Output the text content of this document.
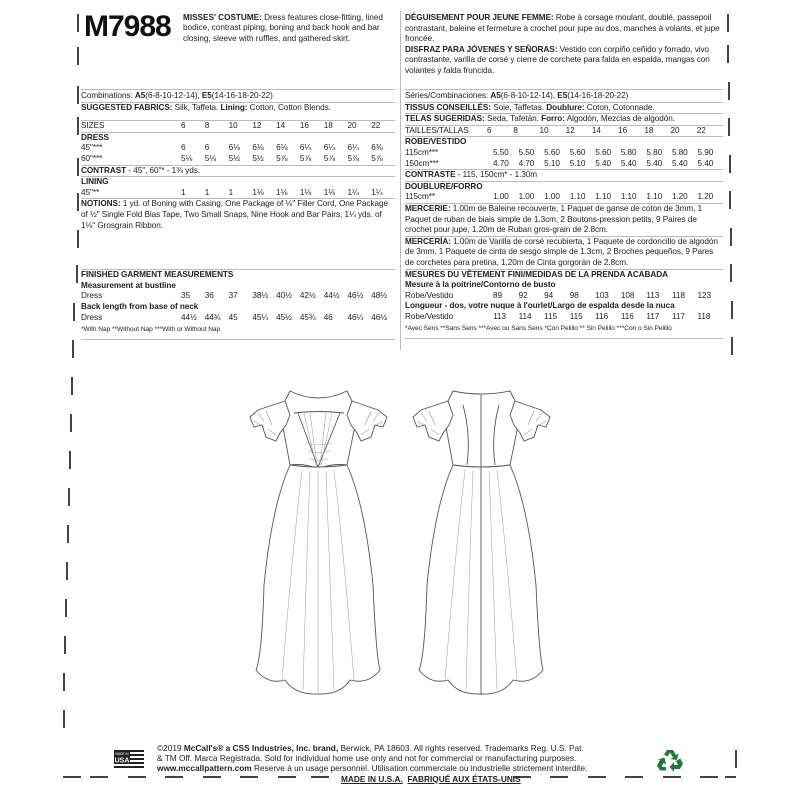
M7988 MISSES' COSTUME: Dress features close-fitting, lined bodice, contrast piping, boning and back hook and bar closing, sleeve with ruffles, and gathered skirt.
DÉGUISEMENT POUR JEUNE FEMME: Robe à corsage moulant, doublé, passepoil contrastant, baleine et fermeture à crochet pour jupe au dos, manches à volants, et jupe froncée.
DISFRAZ PARA JÓVENES Y SEÑORAS: Vestido con corpiño ceñido y forrado, vivo contrastante, varilla de corsé y cierre de corchete para falda en espalda, mangas con volantes y falda fruncida.
Combinations: A5(6-8-10-12-14), E5(14-16-18-20-22)
SUGGESTED FABRICS: Silk, Taffeta. Lining: Cotton, Cotton Blends.
SIZES	6	8	10	12	14	16	18	20	22
DRESS
45"***	6	6	6⅛	6⅛	6⅛	6¼	6¼	6¼	6⅜
60"***	5⅛	5⅛	5½	5½	5⅞	5⅞	5⅞	5⅞	5⅞
CONTRAST - 45", 60"* - 1⅜ yds.
LINING
45"**	1	1	1	1⅛	1⅛	1⅛	1⅛	1¼	1¼
NOTIONS: 1 yd. of Boning with Casing, One Package of ⅛" Filler Cord, One Package of ½" Single Fold Bias Tape, Two Small Snaps, Nine Hook and Bar Pairs, 1¼ yds. of 1⅛" Grosgrain Ribbon.
FINISHED GARMENT MEASUREMENTS
Measurement at bustline
Dress	35	36	37	38½ 40½ 42½ 44½ 46½ 48½
Back length from base of neck
Dress	44½ 44¾ 45	45¼ 45½ 45¾ 46	46¼ 46½
*With Nap **Without Nap ***With or Without Nap
Séries/Combinaciones: A5(6-8-10-12-14), E5(14-16-18-20-22)
TISSUS CONSEILLÉS: Soie, Taffetas. Doublure: Coton, Cotonnade.
TELAS SUGERIDAS: Seda, Tafetán. Forro: Algodón, Mezclas de algodón.
TAILLES/TALLAS	6	8	10	12	14	16	18	20	22
ROBE/VESTIDO
115cm***	5.50	5.50	5.60	5.60	5.60	5.80	5.80	5.80	5.90
150cm***	4.70	4.70	5.10	5.10	5.40	5.40	5.40	5.40	5.40
CONTRASTE - 115, 150cm* - 1.30m
DOUBLURE/FORRO
115cm**	1.00	1.00	1.00	1.10	1.10	1.10	1.10	1.20	1.20
MERCERIE: 1.00m de Baleine recouverte, 1 Paquet de ganse de coton de 3mm, 1 Paquet de ruban de biais simple de 1.3cm, 2 Boutons-pression petits, 9 Paires de crochet pour jupe, 1.20m de Ruban gros-grain de 2.8cm.
MERCERÍA: 1.00m de Varilla de corsé recubierta, 1 Paquete de cordoncillo de algodón de 3mm, 1 Paquete de cinta de sesgo simple de 1.3cm, 2 Broches pequeños, 9 Pares de corchetes para pretina, 1.20m de Cinta gorgorán de 2.8cm.
MESURES DU VÊTEMENT FINI/MEDIDAS DE LA PRENDA ACABADA
Mesure à la poitrine/Contorno de busto
Robe/Vestido	89	92	94	98	103	108	113	118	123
Longueur - dos, votre nuque à l'ourlet/Largo de espalda desde la nuca
Robe/Vestido	113	114	115	115	116	116	117	117	118
*Avec Sens **Sans Sens ***Avec ou Sans Sens *Con Pelillo ** Sin Pelillo ***Con o Sin Pelillo
MADE IN
USA
©2019 McCall's® a CSS Industries, Inc. brand, Berwick, PA 18603. All rights reserved. Trademarks Reg. U.S. Pat.
& TM Off. Marca Registrada. Sold for individual home use only and not for commercial or manufacturing purposes.
www.mccallpattern.com Reserve à un usage personnel. Utilisation commerciale ou industrielle strictement interdite.
MADE IN U.S.A. FABRIQUÉ AUX ÉTATS-UNIS
